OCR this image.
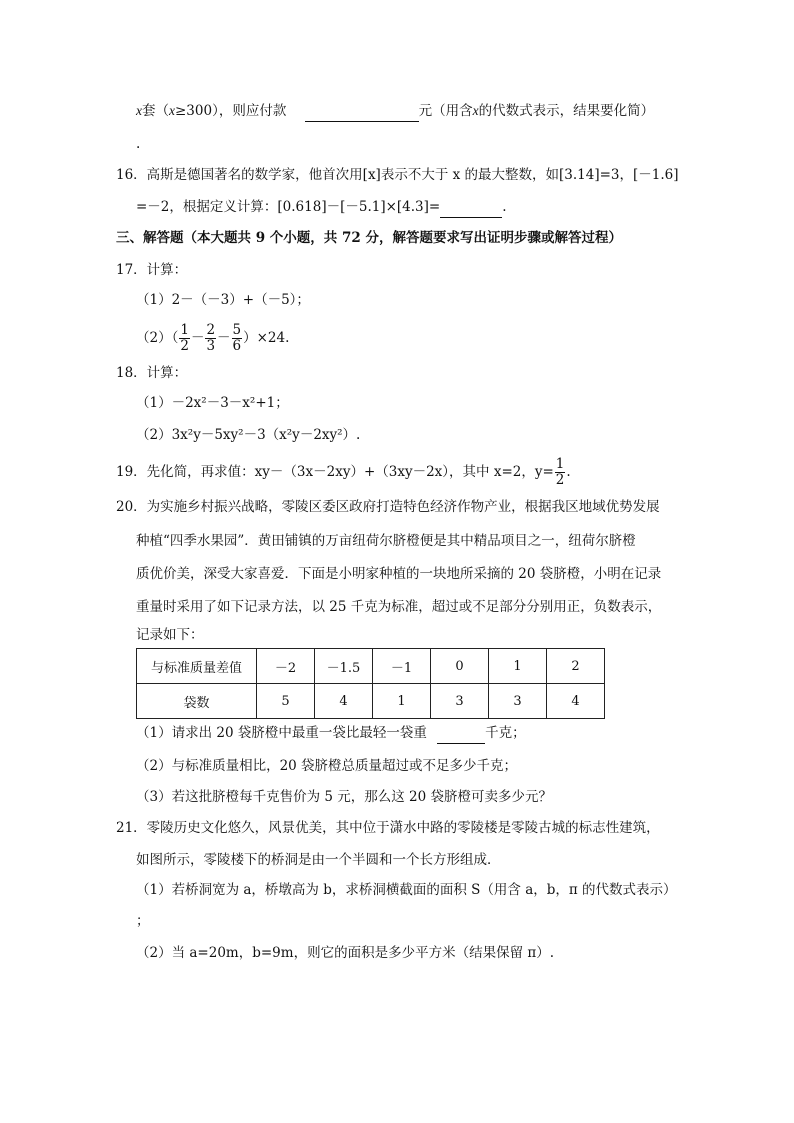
x套（x≥300），则应付款	元（用含x的代数式表示，结果要化简）
.
16．高斯是德国著名的数学家，他首次用[x]表示不大于 x 的最大整数，如[3.14]=3，[－1.6]
=－2，根据定义计算：[0.618]－[－5.1]×[4.3]=	.
三、解答题（本大题共 9 个小题，共 72 分，解答题要求写出证明步骤或解答过程）
17．计算：
（1）2－（－3）+（－5）；
$(2)( \frac{1}{2} - \frac{2}{3} - \frac{5}{6} )\times 24$.
18．计算：
（1）－2x²－3－x²+1；
（2）3x²y－5xy²－3（x²y－2xy²）.
19．先化简，再求值：xy－（3x－2xy）+（3xy－2x），其中 x=2，$y= \frac{1}{2}$ .
20．为实施乡村振兴战略，零陵区委区政府打造特色经济作物产业，根据我区地域优势发展
种植“四季水果园”．黄田铺镇的万亩纽荷尔脐橙便是其中精品项目之一，纽荷尔脐橙
质优价美，深受大家喜爱．下面是小明家种植的一块地所采摘的 20 袋脐橙，小明在记录
重量时采用了如下记录方法，以 25 千克为标准，超过或不足部分分别用正，负数表示，
记录如下：
与标准质量差值	－2	－1.5	－1	0	1	2
袋数	5	4	1	3	3	4
（1）请求出 20 袋脐橙中最重一袋比最轻一袋重	千克；
（2）与标准质量相比，20 袋脐橙总质量超过或不足多少千克；
（3）若这批脐橙每千克售价为 5 元，那么这 20 袋脐橙可卖多少元？
21．零陵历史文化悠久，风景优美，其中位于潇水中路的零陵楼是零陵古城的标志性建筑，
如图所示，零陵楼下的桥洞是由一个半圆和一个长方形组成．
（1）若桥洞宽为 a，桥墩高为 b，求桥洞横截面的面积 S（用含 a，b，π 的代数式表示）
；
（2）当 a=20m，b=9m，则它的面积是多少平方米（结果保留 π）.
